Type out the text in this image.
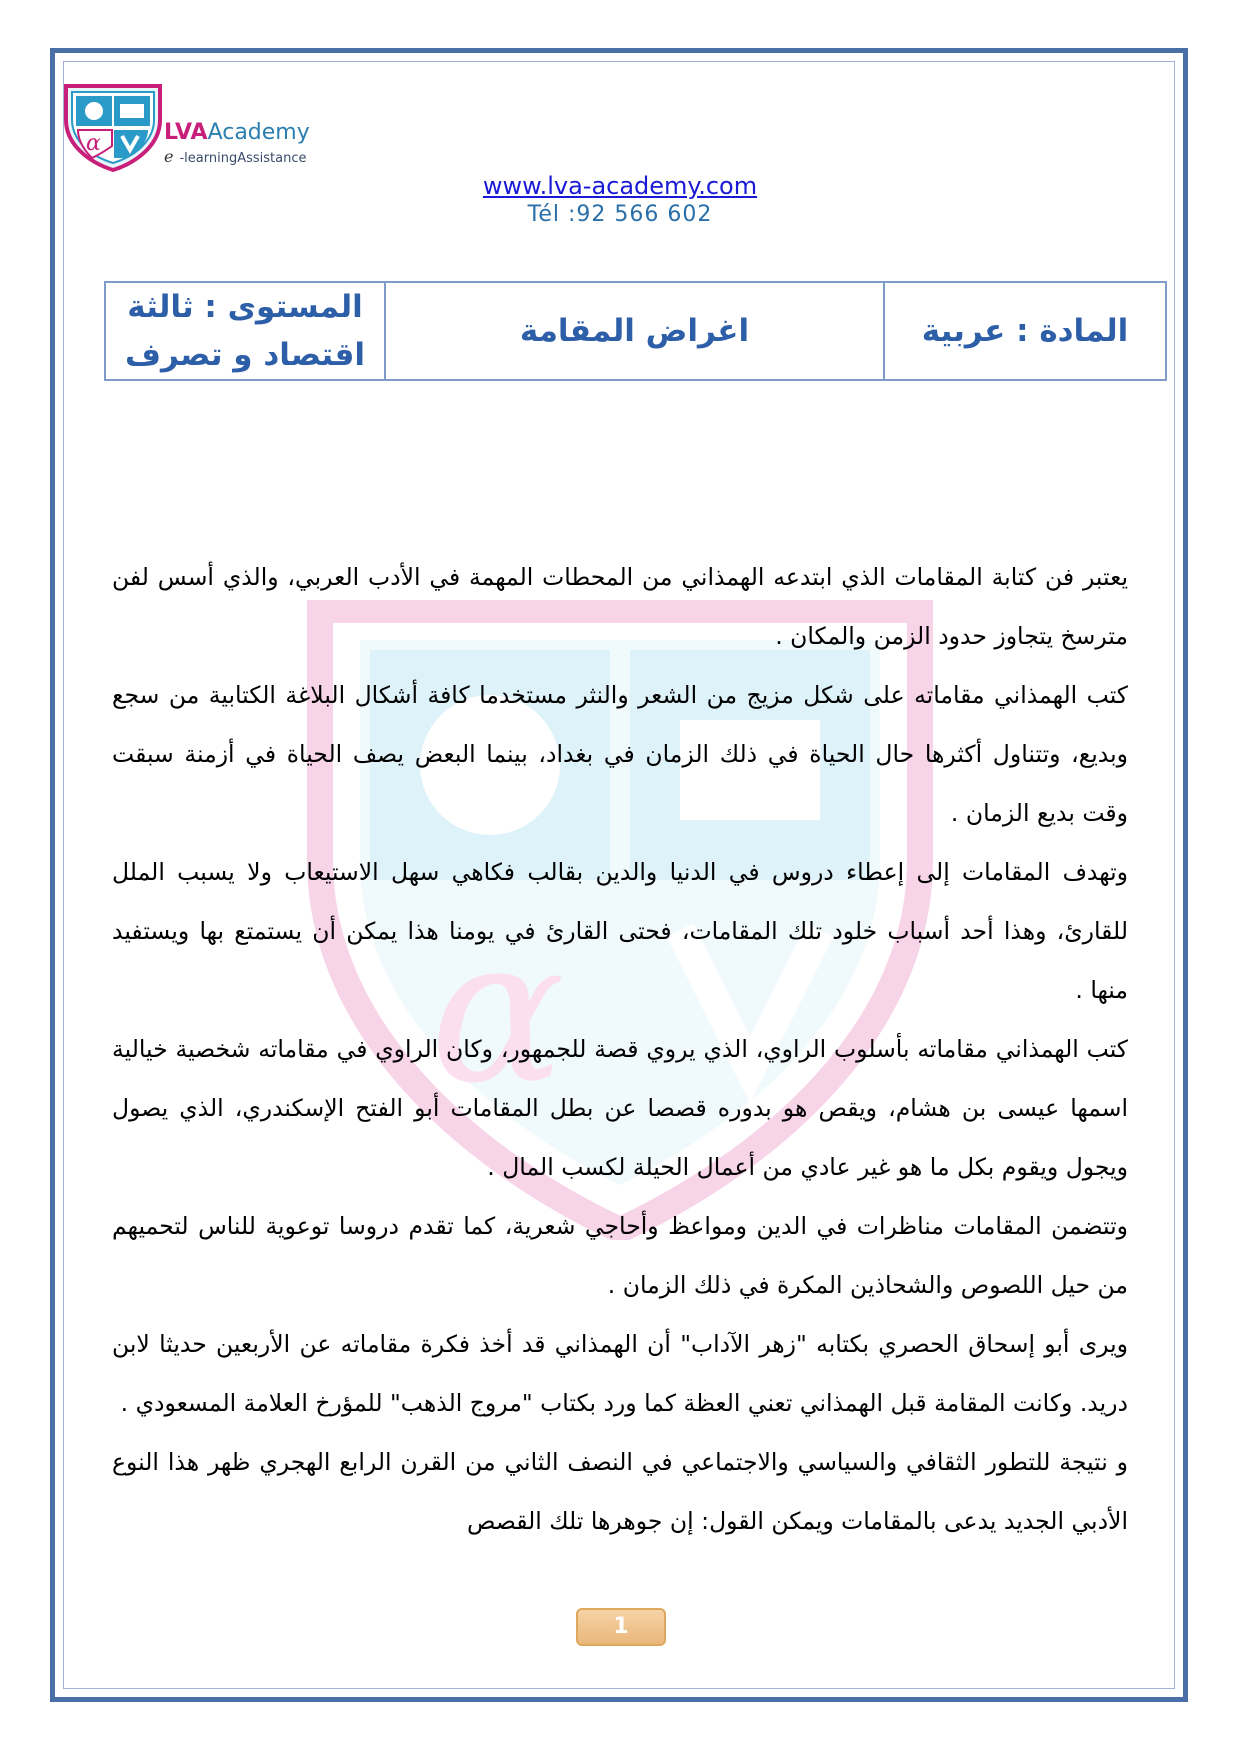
α	LVAAcademy
e -learningAssistance
www.lva-academy.com
Tél :92 566 602
المستوى : ثالثة
اقتصاد و تصرف
اغراض المقامة	المادة : عربية
α

يعتبر فن كتابة المقامات الذي ابتدعه الهمذاني من المحطات المهمة في الأدب العربي، والذي أسس لفن مترسخ يتجاوز حدود الزمن والمكان .

كتب الهمذاني مقاماته على شكل مزيج من الشعر والنثر مستخدما كافة أشكال البلاغة الكتابية من سجع وبديع، وتتناول أكثرها حال الحياة في ذلك الزمان في بغداد، بينما البعض يصف الحياة في أزمنة سبقت وقت بديع الزمان .

وتهدف المقامات إلى إعطاء دروس في الدنيا والدين بقالب فكاهي سهل الاستيعاب ولا يسبب الملل للقارئ، وهذا أحد أسباب خلود تلك المقامات، فحتى القارئ في يومنا هذا يمكن أن يستمتع بها ويستفيد منها .

كتب الهمذاني مقاماته بأسلوب الراوي، الذي يروي قصة للجمهور، وكان الراوي في مقاماته شخصية خيالية اسمها عيسى بن هشام، ويقص هو بدوره قصصا عن بطل المقامات أبو الفتح الإسكندري، الذي يصول ويجول ويقوم بكل ما هو غير عادي من أعمال الحيلة لكسب المال .

وتتضمن المقامات مناظرات في الدين ومواعظ وأحاجي شعرية، كما تقدم دروسا توعوية للناس لتحميهم من حيل اللصوص والشحاذين المكرة في ذلك الزمان .

ويرى أبو إسحاق الحصري بكتابه "زهر الآداب" أن الهمذاني قد أخذ فكرة مقاماته عن الأربعين حديثا لابن دريد. وكانت المقامة قبل الهمذاني تعني العظة كما ورد بكتاب "مروج الذهب" للمؤرخ العلامة المسعودي .

و نتيجة للتطور الثقافي والسياسي والاجتماعي في النصف الثاني من القرن الرابع الهجري ظهر هذا النوع الأدبي الجديد يدعى بالمقامات ويمكن القول: إن جوهرها تلك القصص

1
